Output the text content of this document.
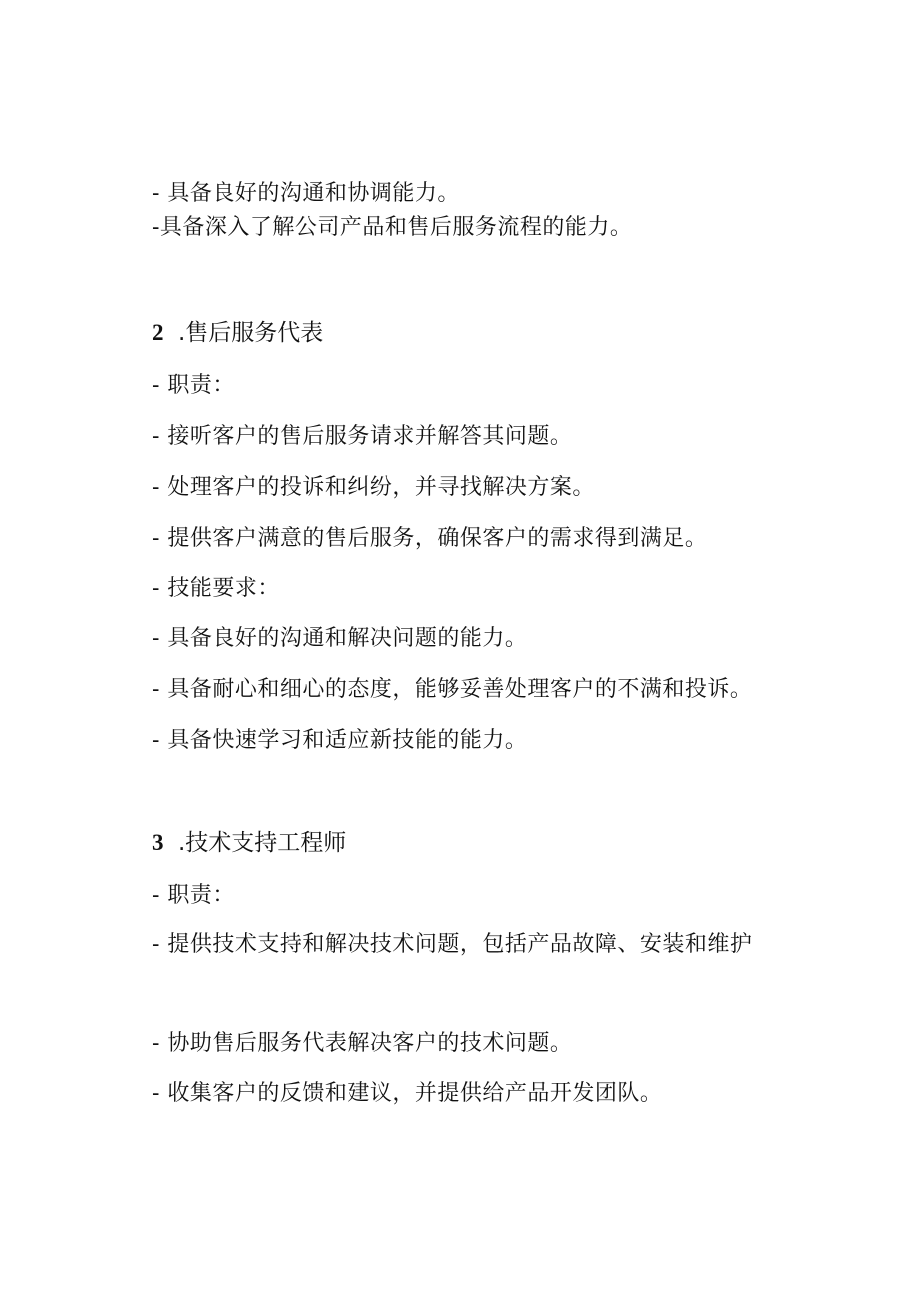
- 具备良好的沟通和协调能力。
-具备深入了解公司产品和售后服务流程的能力。
2 .售后服务代表
- 职责：
- 接听客户的售后服务请求并解答其问题。
- 处理客户的投诉和纠纷，并寻找解决方案。
- 提供客户满意的售后服务，确保客户的需求得到满足。
- 技能要求：
- 具备良好的沟通和解决问题的能力。
- 具备耐心和细心的态度，能够妥善处理客户的不满和投诉。
- 具备快速学习和适应新技能的能力。
3 .技术支持工程师
- 职责：
- 提供技术支持和解决技术问题，包括产品故障、安装和维护
- 协助售后服务代表解决客户的技术问题。
- 收集客户的反馈和建议，并提供给产品开发团队。
